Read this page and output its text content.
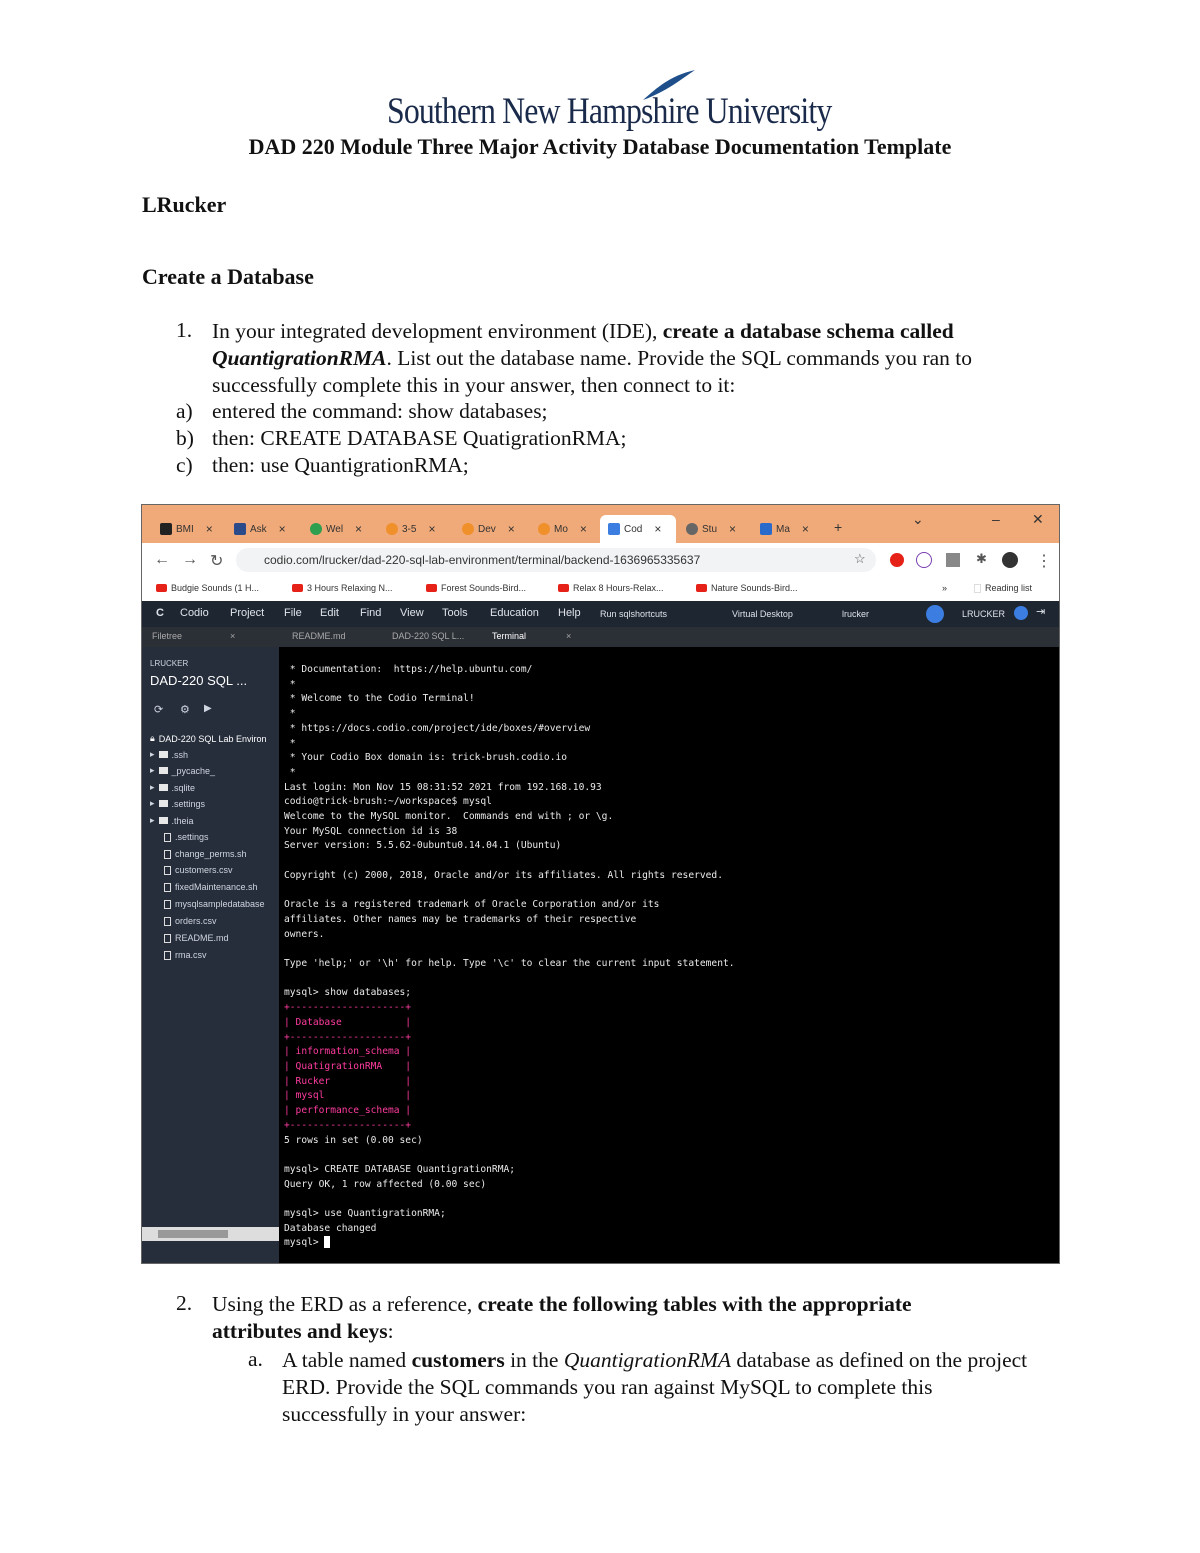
Southern New Hampshire University
DAD 220 Module Three Major Activity Database Documentation Template
LRucker
Create a Database
1. In your integrated development environment (IDE), create a database schema called
QuantigrationRMA. List out the database name. Provide the SQL commands you ran to successfully complete this in your answer, then connect to it:
a) entered the command: show databases;
b) then: CREATE DATABASE QuatigrationRMA;
c) then: use QuantigrationRMA;
BMI ×	Ask ×	Wel ×	3-5 ×	Dev ×	Mo ×	Cod ×	Stu ×	Ma × +	⌄	– ✕
← → ↻	codio.com/lrucker/dad-220-sql-lab-environment/terminal/backend-1636965335637	☆	✱	⋮
Budgie Sounds (1 H...	3 Hours Relaxing N...	Forest Sounds-Bird...	Relax 8 Hours-Relax...	Nature Sounds-Bird...	»	Reading list
C Codio Project File Edit Find View Tools Education Help Run sqlshortcuts	Virtual Desktop	lrucker	LRUCKER	⇥
Filetree	×	README.md	DAD-220 SQL L...	Terminal	×
LRUCKER
DAD-220 SQL ...
⟳ ⚙ ▶
🔒︎ DAD-220 SQL Lab Environ
▸ .ssh
▸ _pycache_
▸ .sqlite
▸ .settings
▸ .theia
.settings
change_perms.sh
customers.csv
fixedMaintenance.sh
mysqlsampledatabase
orders.csv
README.md
rma.csv
* Documentation:  https://help.ubuntu.com/
*
* Welcome to the Codio Terminal!
*
* https://docs.codio.com/project/ide/boxes/#overview
*
* Your Codio Box domain is: trick-brush.codio.io
*
Last login: Mon Nov 15 08:31:52 2021 from 192.168.10.93
codio@trick-brush:~/workspace$ mysql
Welcome to the MySQL monitor.  Commands end with ; or \g.
Your MySQL connection id is 38
Server version: 5.5.62-0ubuntu0.14.04.1 (Ubuntu)

Copyright (c) 2000, 2018, Oracle and/or its affiliates. All rights reserved.

Oracle is a registered trademark of Oracle Corporation and/or its
affiliates. Other names may be trademarks of their respective
owners.

Type 'help;' or '\h' for help. Type '\c' to clear the current input statement.

mysql> show databases;
+--------------------+
| Database           |
+--------------------+
| information_schema |
| QuatigrationRMA    |
| Rucker             |
| mysql              |
| performance_schema |
+--------------------+
5 rows in set (0.00 sec)

mysql> CREATE DATABASE QuantigrationRMA;
Query OK, 1 row affected (0.00 sec)

mysql> use QuantigrationRMA;
Database changed
mysql>
2. Using the ERD as a reference, create the following tables with the appropriate attributes and keys:
a. A table named customers in the QuantigrationRMA database as defined on the project ERD. Provide the SQL commands you ran against MySQL to complete this successfully in your answer:
